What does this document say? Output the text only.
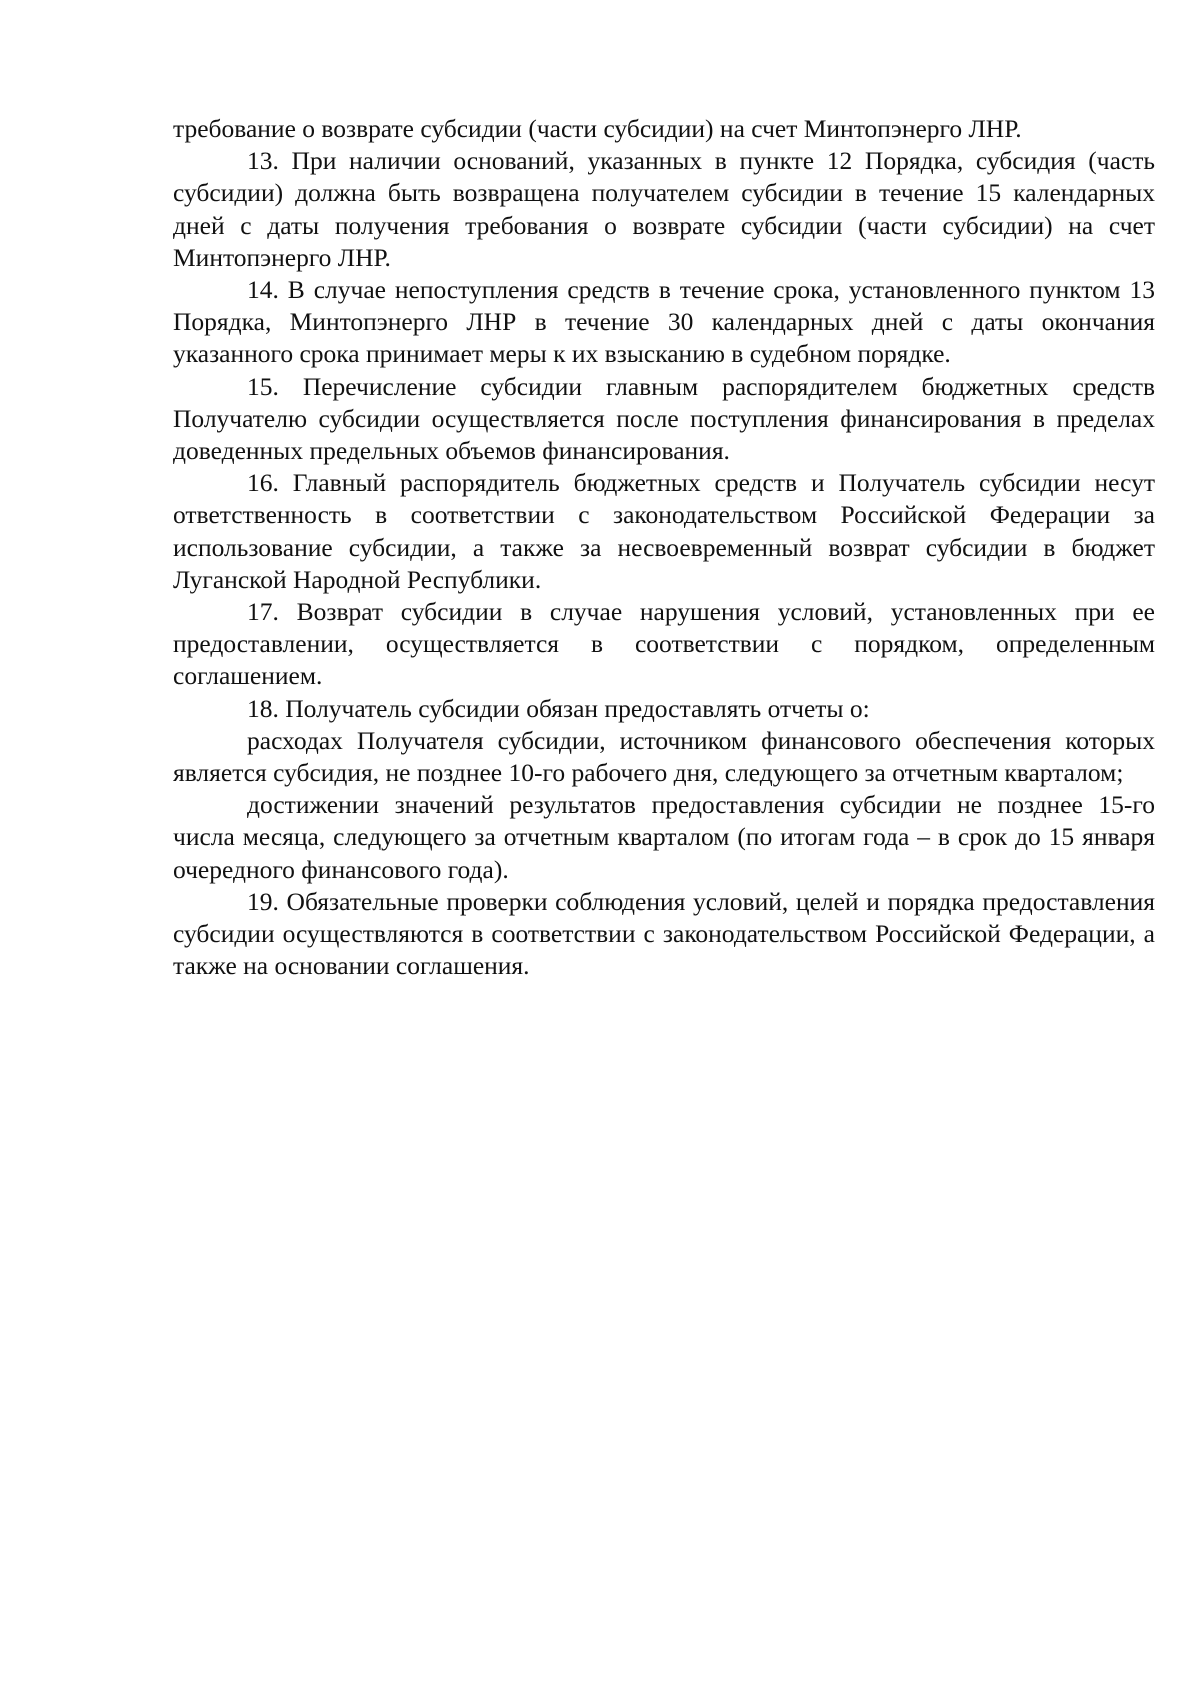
требование о возврате субсидии (части субсидии) на счет Минтопэнерго ЛНР.

13. При наличии оснований, указанных в пункте 12 Порядка, субсидия (часть субсидии) должна быть возвращена получателем субсидии в течение 15 календарных дней с даты получения требования о возврате субсидии (части субсидии) на счет Минтопэнерго ЛНР.

14. В случае непоступления средств в течение срока, установленного пунктом 13 Порядка, Минтопэнерго ЛНР в течение 30 календарных дней с даты окончания указанного срока принимает меры к их взысканию в судебном порядке.

15. Перечисление субсидии главным распорядителем бюджетных средств Получателю субсидии осуществляется после поступления финансирования в пределах доведенных предельных объемов финансирования.

16. Главный распорядитель бюджетных средств и Получатель субсидии несут ответственность в соответствии с законодательством Российской Федерации за использование субсидии, а также за несвоевременный возврат субсидии в бюджет Луганской Народной Республики.

17. Возврат субсидии в случае нарушения условий, установленных при ее предоставлении, осуществляется в соответствии с порядком, определенным соглашением.

18. Получатель субсидии обязан предоставлять отчеты о:

расходах Получателя субсидии, источником финансового обеспечения которых является субсидия, не позднее 10-го рабочего дня, следующего за отчетным кварталом;

достижении значений результатов предоставления субсидии не позднее 15-го числа месяца, следующего за отчетным кварталом (по итогам года – в срок до 15 января очередного финансового года).

19. Обязательные проверки соблюдения условий, целей и порядка предоставления субсидии осуществляются в соответствии с законодательством Российской Федерации, а также на основании соглашения.
